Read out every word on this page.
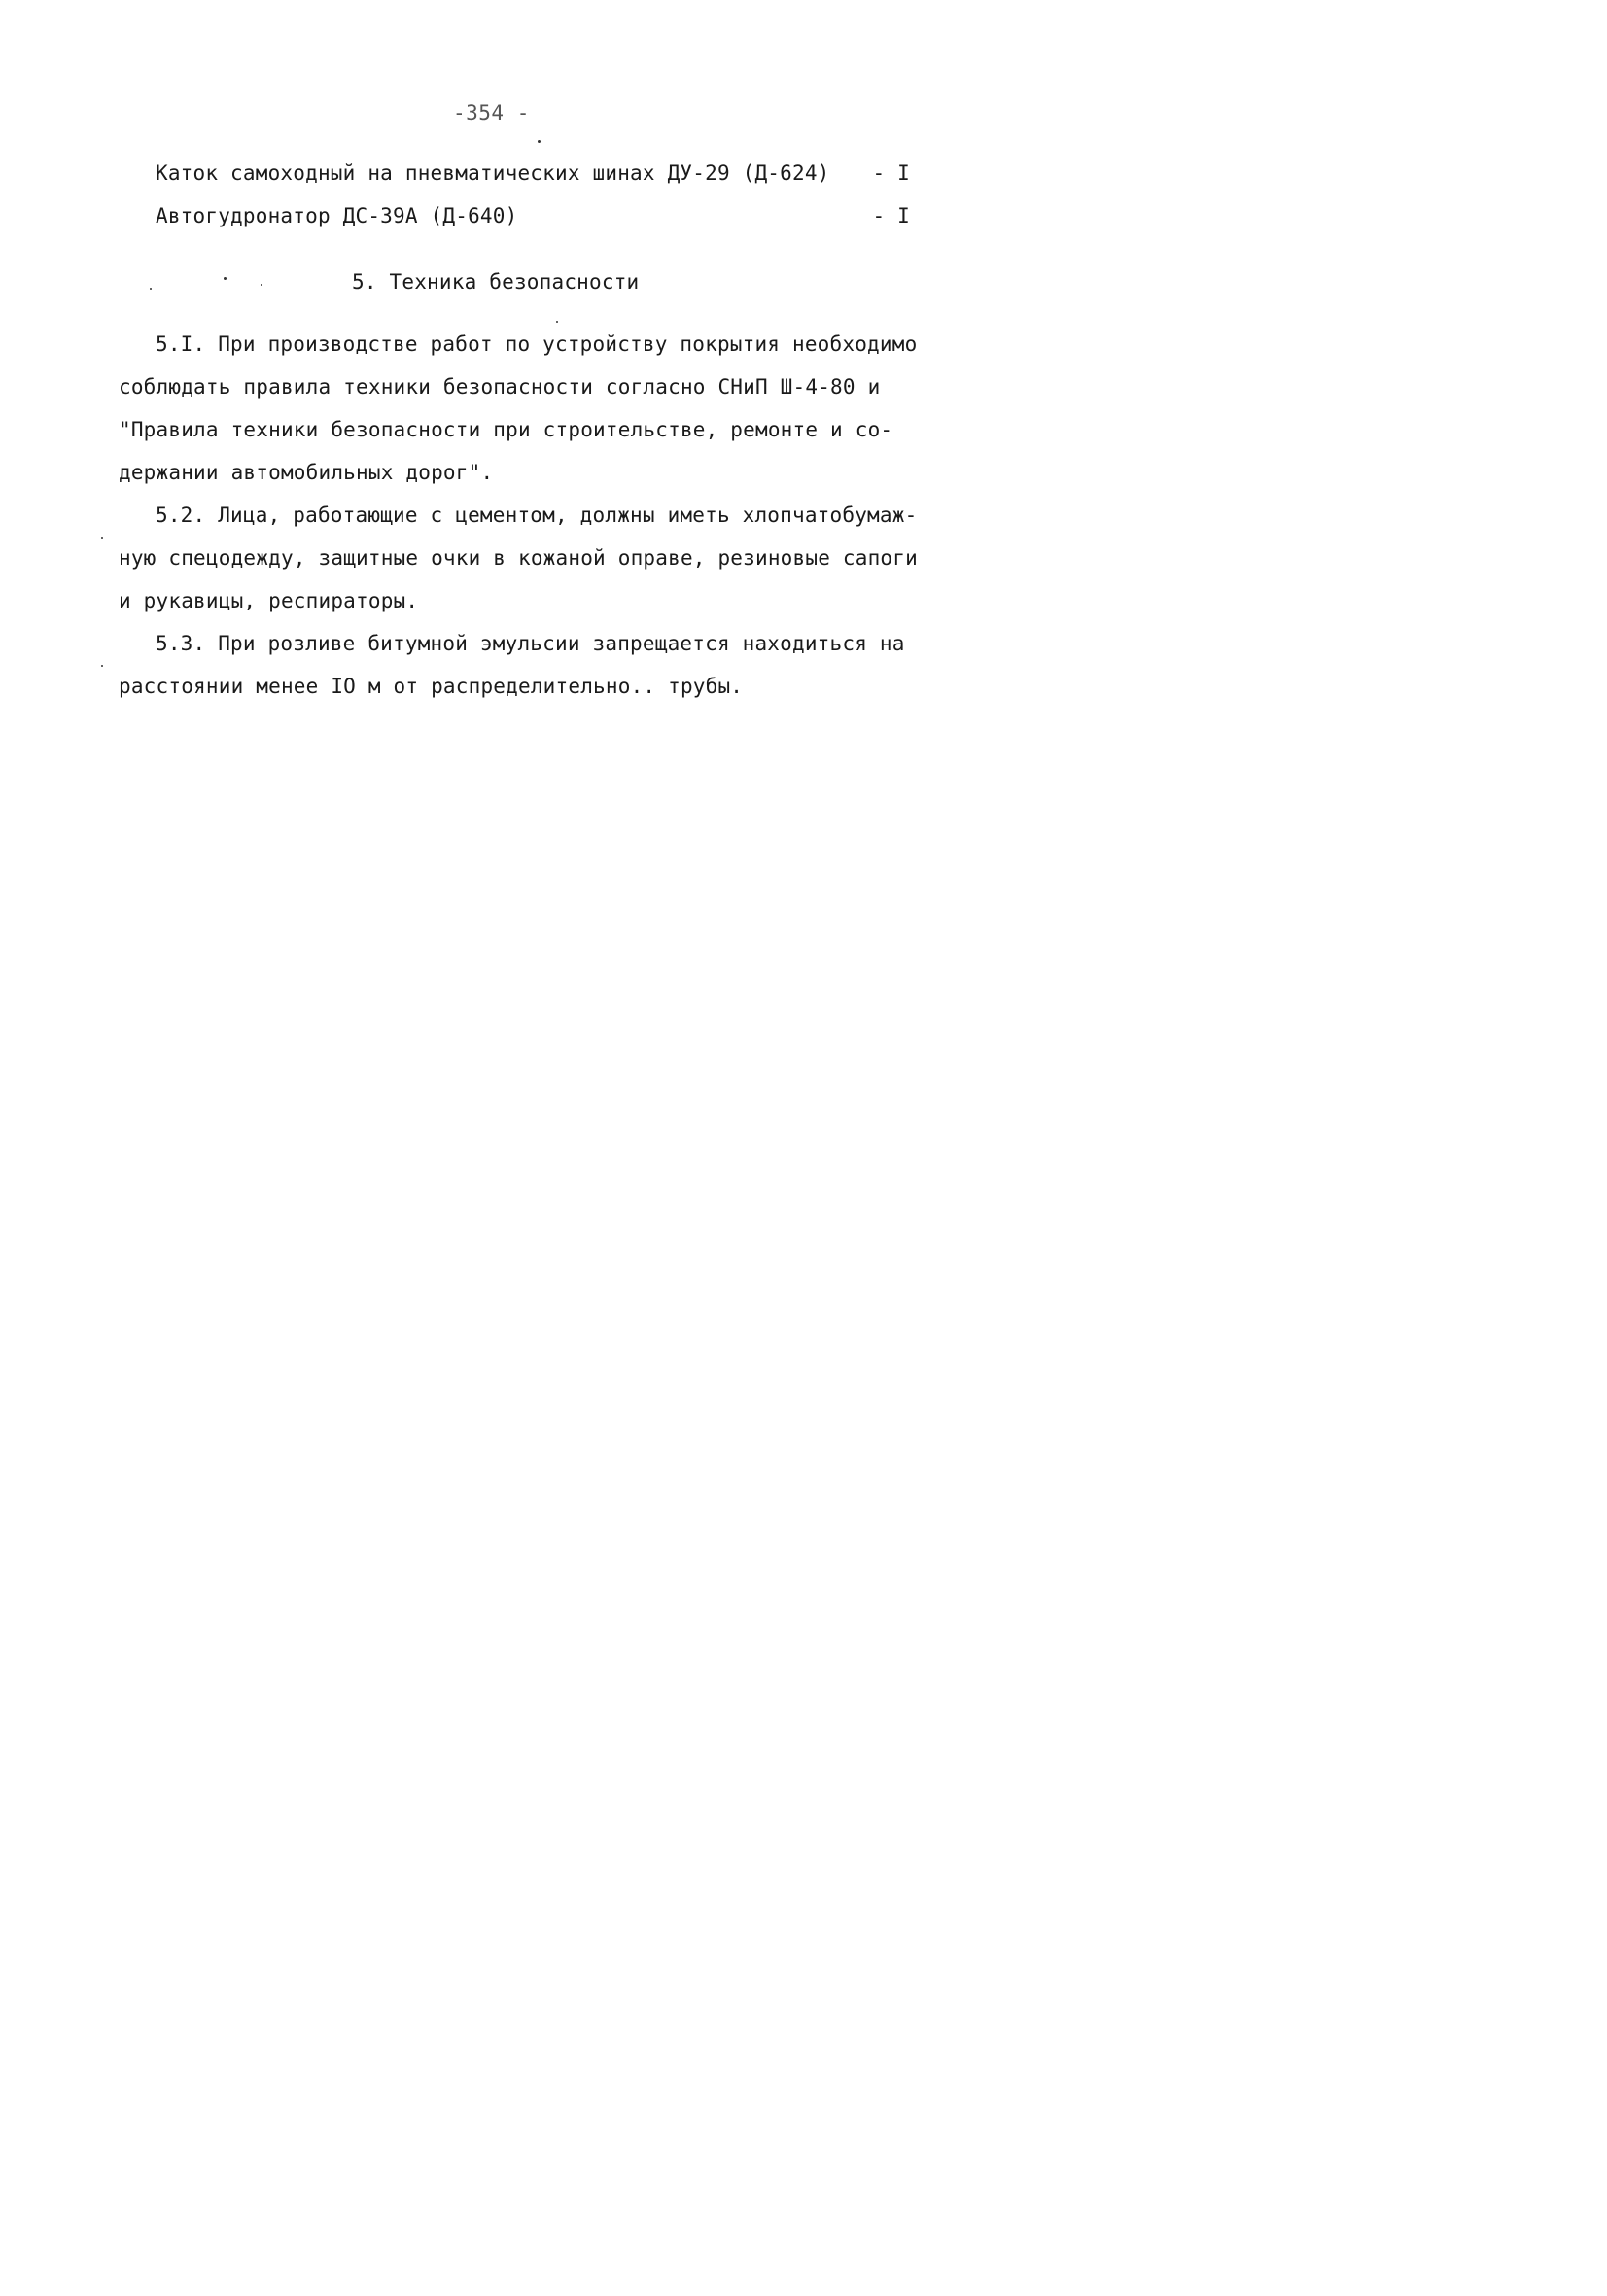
-354 -
Каток самоходный на пневматических шинах ДУ-29 (Д-624) - I
Автогудронатор ДС-39А (Д-640)	- I
5. Техника безопасности
5.I. При производстве работ по устройству покрытия необходимо
соблюдать правила техники безопасности согласно СНиП Ш-4-80 и
"Правила техники безопасности при строительстве, ремонте и со-
держании автомобильных дорог".
5.2. Лица, работающие с цементом, должны иметь хлопчатобумаж-
ную спецодежду, защитные очки в кожаной оправе, резиновые сапоги
и рукавицы, респираторы.
5.3. При розливе битумной эмульсии запрещается находиться на
расстоянии менее IO м от распределительно.. трубы.
